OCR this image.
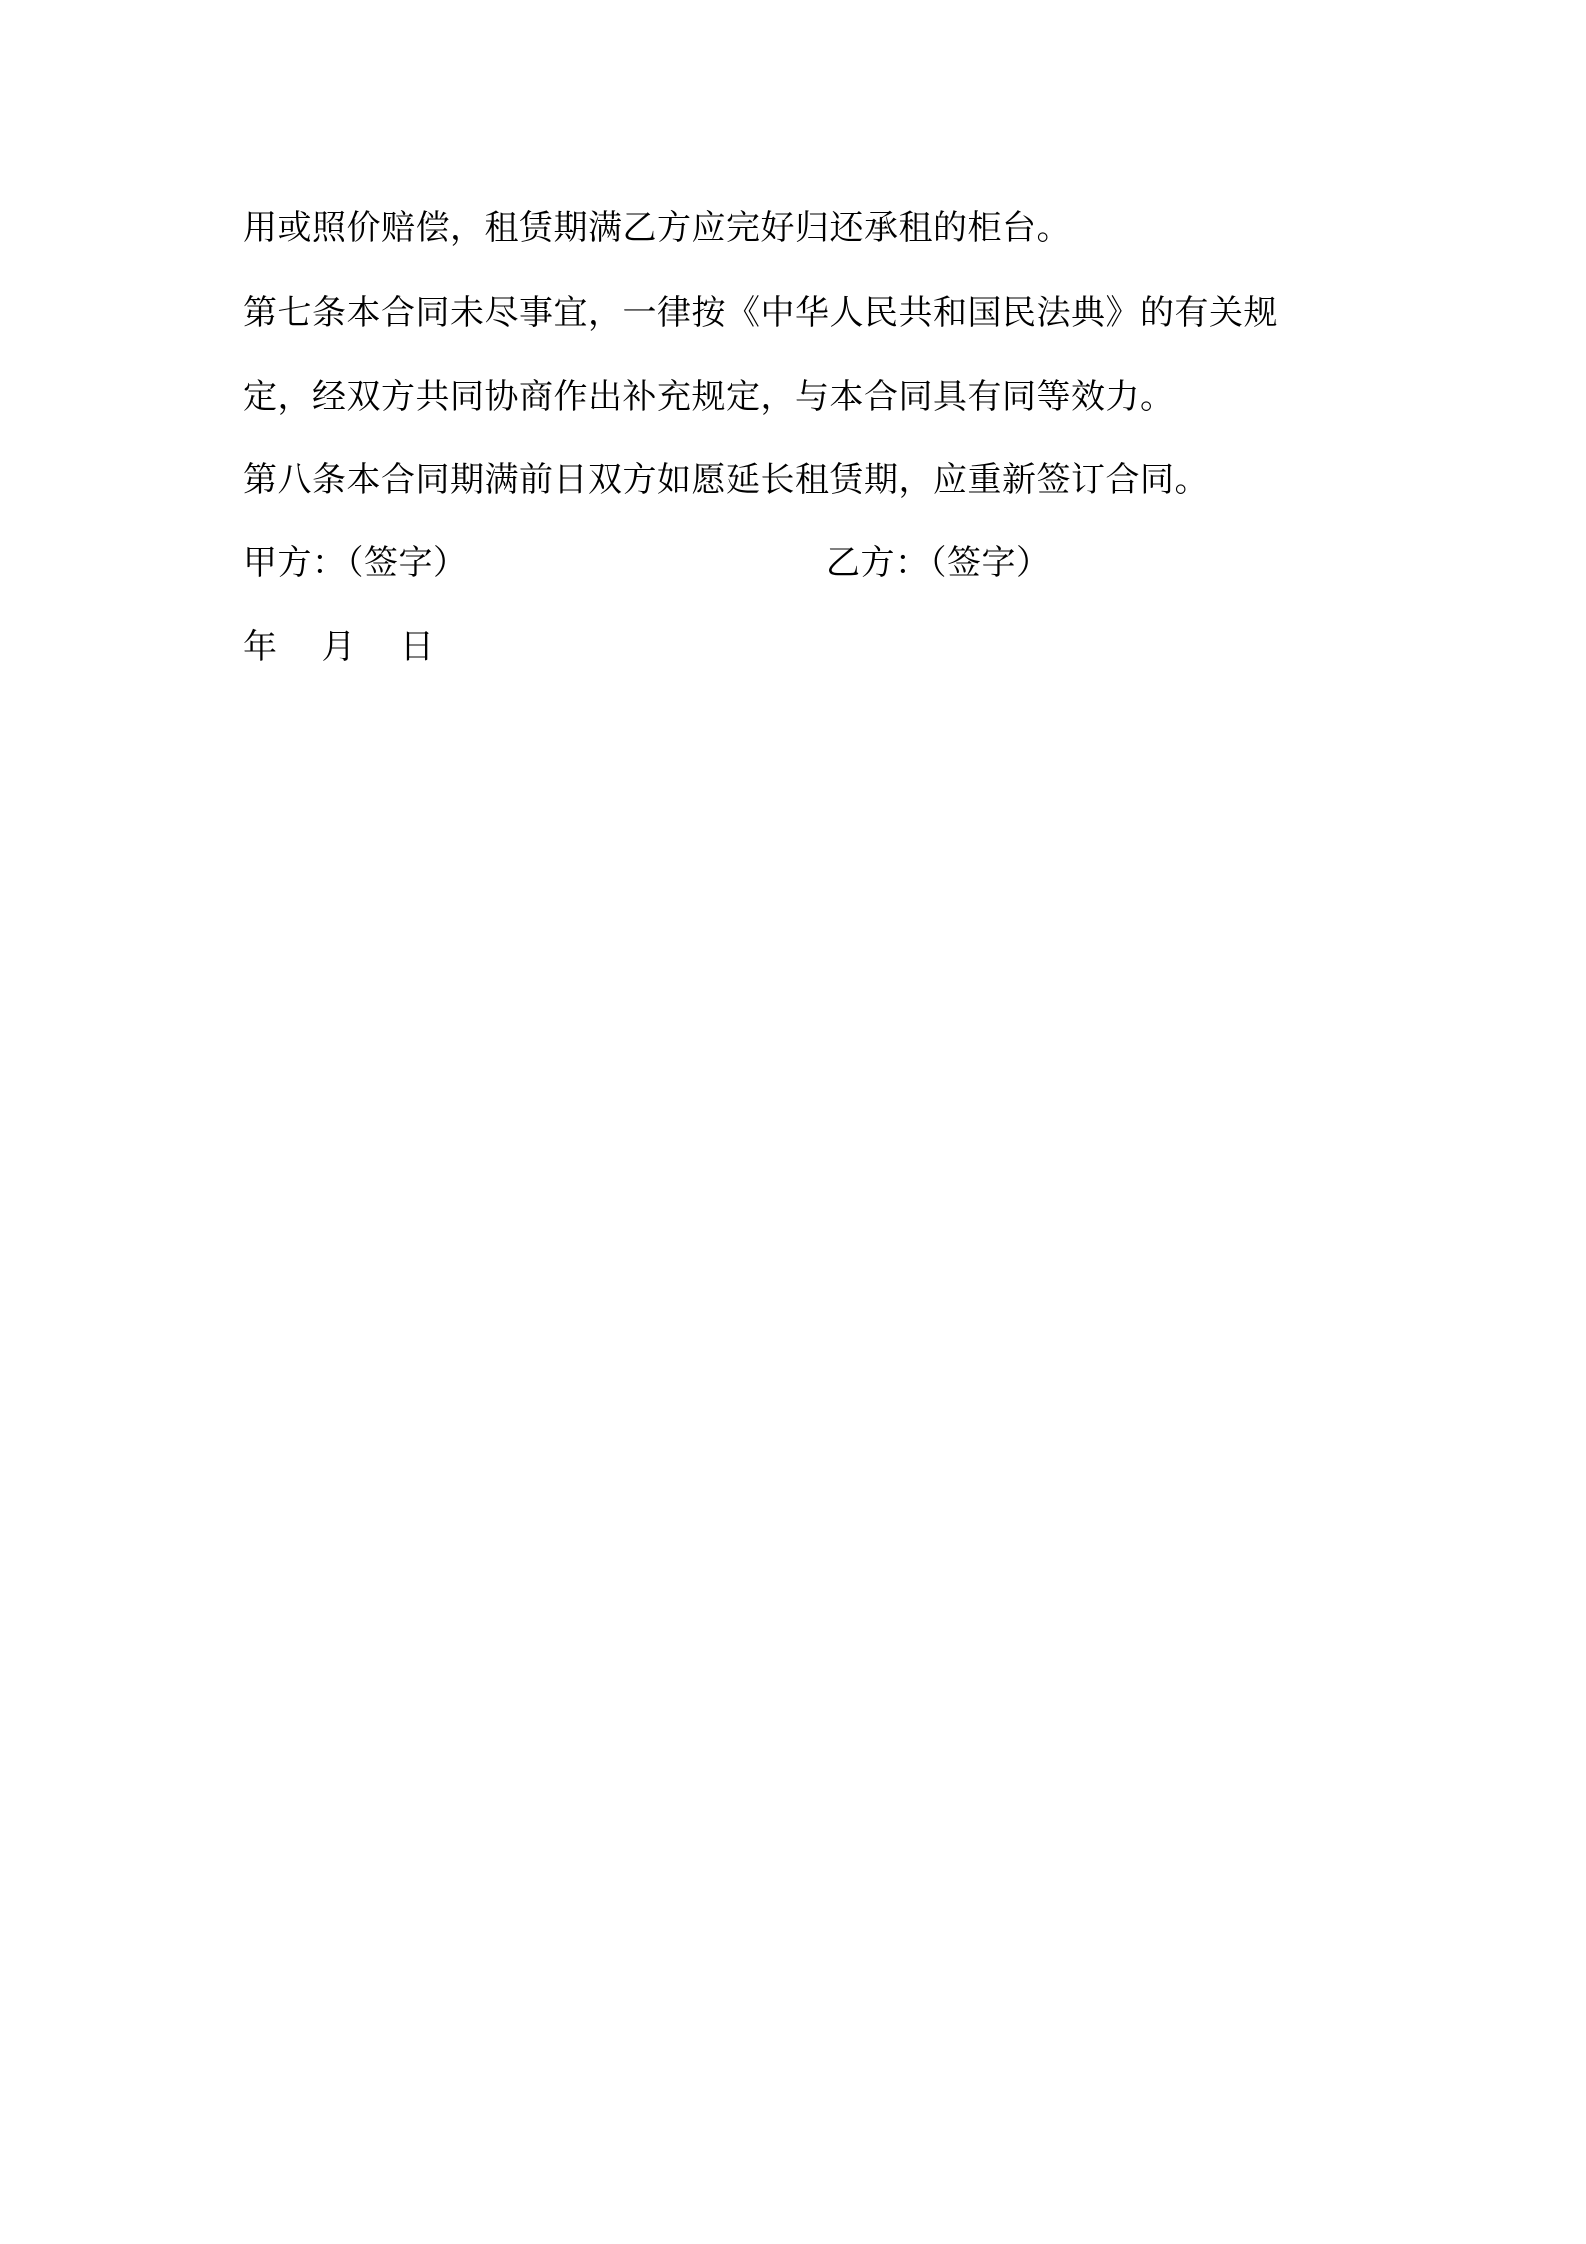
用或照价赔偿，租赁期满乙方应完好归还承租的柜台。
第七条本合同未尽事宜，一律按《中华人民共和国民法典》的有关规
定，经双方共同协商作出补充规定，与本合同具有同等效力。
第八条本合同期满前日双方如愿延长租赁期，应重新签订合同。
甲方：（签字）	乙方：（签字）
年 月 日
